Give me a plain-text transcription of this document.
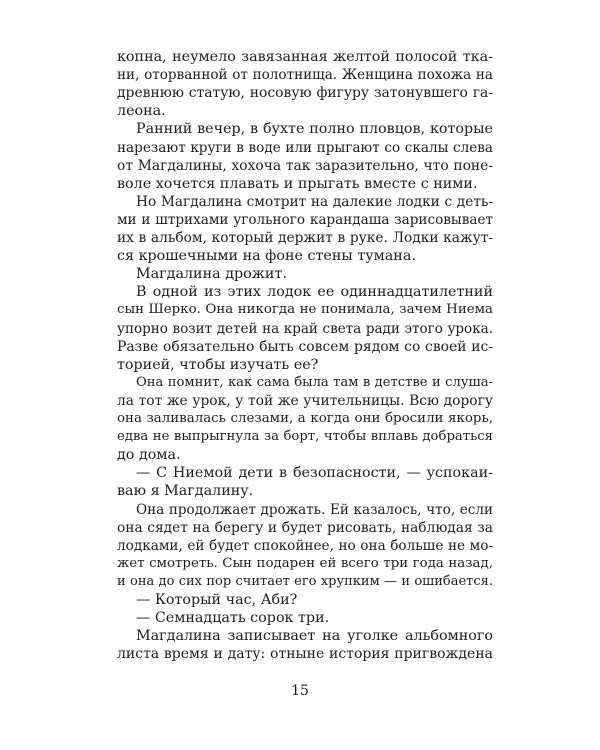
копна, неумело завязанная желтой полосой тка-
ни, оторванной от полотнища. Женщина похожа на
древнюю статую, носовую фигуру затонувшего га-
леона.
Ранний вечер, в бухте полно пловцов, которые
нарезают круги в воде или прыгают со скалы слева
от Магдалины, хохоча так заразительно, что поне-
воле хочется плавать и прыгать вместе с ними.
Но Магдалина смотрит на далекие лодки с деть-
ми и штрихами угольного карандаша зарисовывает
их в альбом, который держит в руке. Лодки кажут-
ся крошечными на фоне стены тумана.
Магдалина дрожит.
В одной из этих лодок ее одиннадцатилетний
сын Шерко. Она никогда не понимала, зачем Ниема
упорно возит детей на край света ради этого урока.
Разве обязательно быть совсем рядом со своей ис-
торией, чтобы изучать ее?
Она помнит, как сама была там в детстве и слуша-
ла тот же урок, у той же учительницы. Всю дорогу
она заливалась слезами, а когда они бросили якорь,
едва не выпрыгнула за борт, чтобы вплавь добраться
до дома.
— С Ниемой дети в безопасности, — успокаи-
ваю я Магдалину.
Она продолжает дрожать. Ей казалось, что, если
она сядет на берегу и будет рисовать, наблюдая за
лодками, ей будет спокойнее, но она больше не мо-
жет смотреть. Сын подарен ей всего три года назад,
и она до сих пор считает его хрупким — и ошибается.
— Который час, Аби?
— Семнадцать сорок три.
Магдалина записывает на уголке альбомного
листа время и дату: отныне история пригвождена
15
